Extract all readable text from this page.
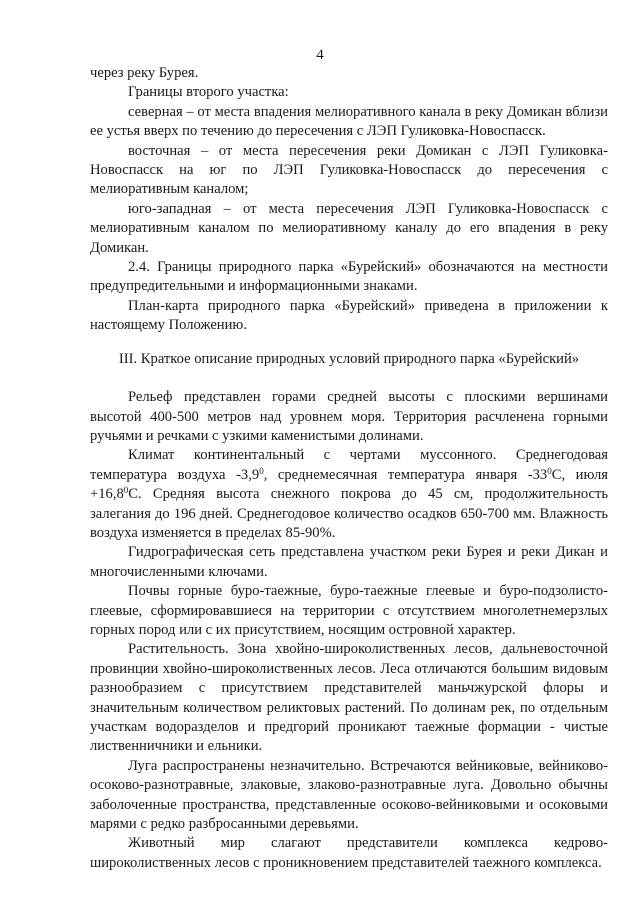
4

через реку Бурея.

Границы второго участка:

северная – от места впадения мелиоративного канала в реку Домикан вблизи ее устья вверх по течению до пересечения с ЛЭП Гуликовка-Новоспасск.

восточная – от места пересечения реки Домикан с ЛЭП Гуликовка-Новоспасск на юг по ЛЭП Гуликовка-Новоспасск до пересечения с мелиоративным каналом;

юго-западная – от места пересечения ЛЭП Гуликовка-Новоспасск с мелиоративным каналом по мелиоративному каналу до его впадения в реку Домикан.

2.4. Границы природного парка «Бурейский» обозначаются на местности предупредительными и информационными знаками.

План-карта природного парка «Бурейский» приведена в приложении к настоящему Положению.

III. Краткое описание природных условий природного парка «Бурейский»

Рельеф представлен горами средней высоты с плоскими вершинами высотой 400-500 метров над уровнем моря. Территория расчленена горными ручьями и речками с узкими каменистыми долинами.

Климат континентальный с чертами муссонного. Среднегодовая температура воздуха $-3,9^0$, среднемесячная температура января $-33^0С$, июля $+16,8^0С$. Средняя высота снежного покрова до 45 см, продолжительность залегания до 196 дней. Среднегодовое количество осадков 650-700 мм. Влажность воздуха изменяется в пределах 85-90%.

Гидрографическая сеть представлена участком реки Бурея и реки Дикан и многочисленными ключами.

Почвы горные буро-таежные, буро-таежные глеевые и буро-подзолисто-глеевые, сформировавшиеся на территории с отсутствием многолетнемерзлых горных пород или с их присутствием, носящим островной характер.

Растительность. Зона хвойно-широколиственных лесов, дальневосточной провинции хвойно-широколиственных лесов. Леса отличаются большим видовым разнообразием с присутствием представителей маньчжурской флоры и значительным количеством реликтовых растений. По долинам рек, по отдельным участкам водоразделов и предгорий проникают таежные формации - чистые лиственничники и ельники.

Луга распространены незначительно. Встречаются вейниковые, вейниково-осоково-разнотравные, злаковые, злаково-разнотравные луга. Довольно обычны заболоченные пространства, представленные осоково-вейниковыми и осоковыми марями с редко разбросанными деревьями.

Животный мир слагают представители комплекса кедрово-широколиственных лесов с проникновением представителей таежного комплекса.
